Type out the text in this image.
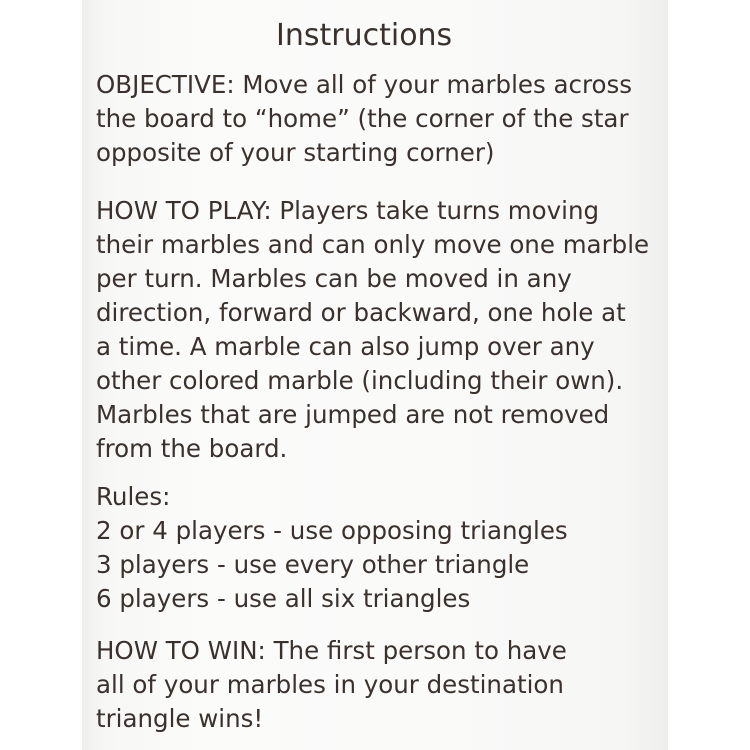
Instructions
OBJECTIVE: Move all of your marbles across
the board to “home” (the corner of the star
opposite of your starting corner)
HOW TO PLAY: Players take turns moving
their marbles and can only move one marble
per turn. Marbles can be moved in any
direction, forward or backward, one hole at
a time. A marble can also jump over any
other colored marble (including their own).
Marbles that are jumped are not removed
from the board.
Rules:
2 or 4 players - use opposing triangles
3 players - use every other triangle
6 players - use all six triangles
HOW TO WIN: The first person to have
all of your marbles in your destination
triangle wins!
